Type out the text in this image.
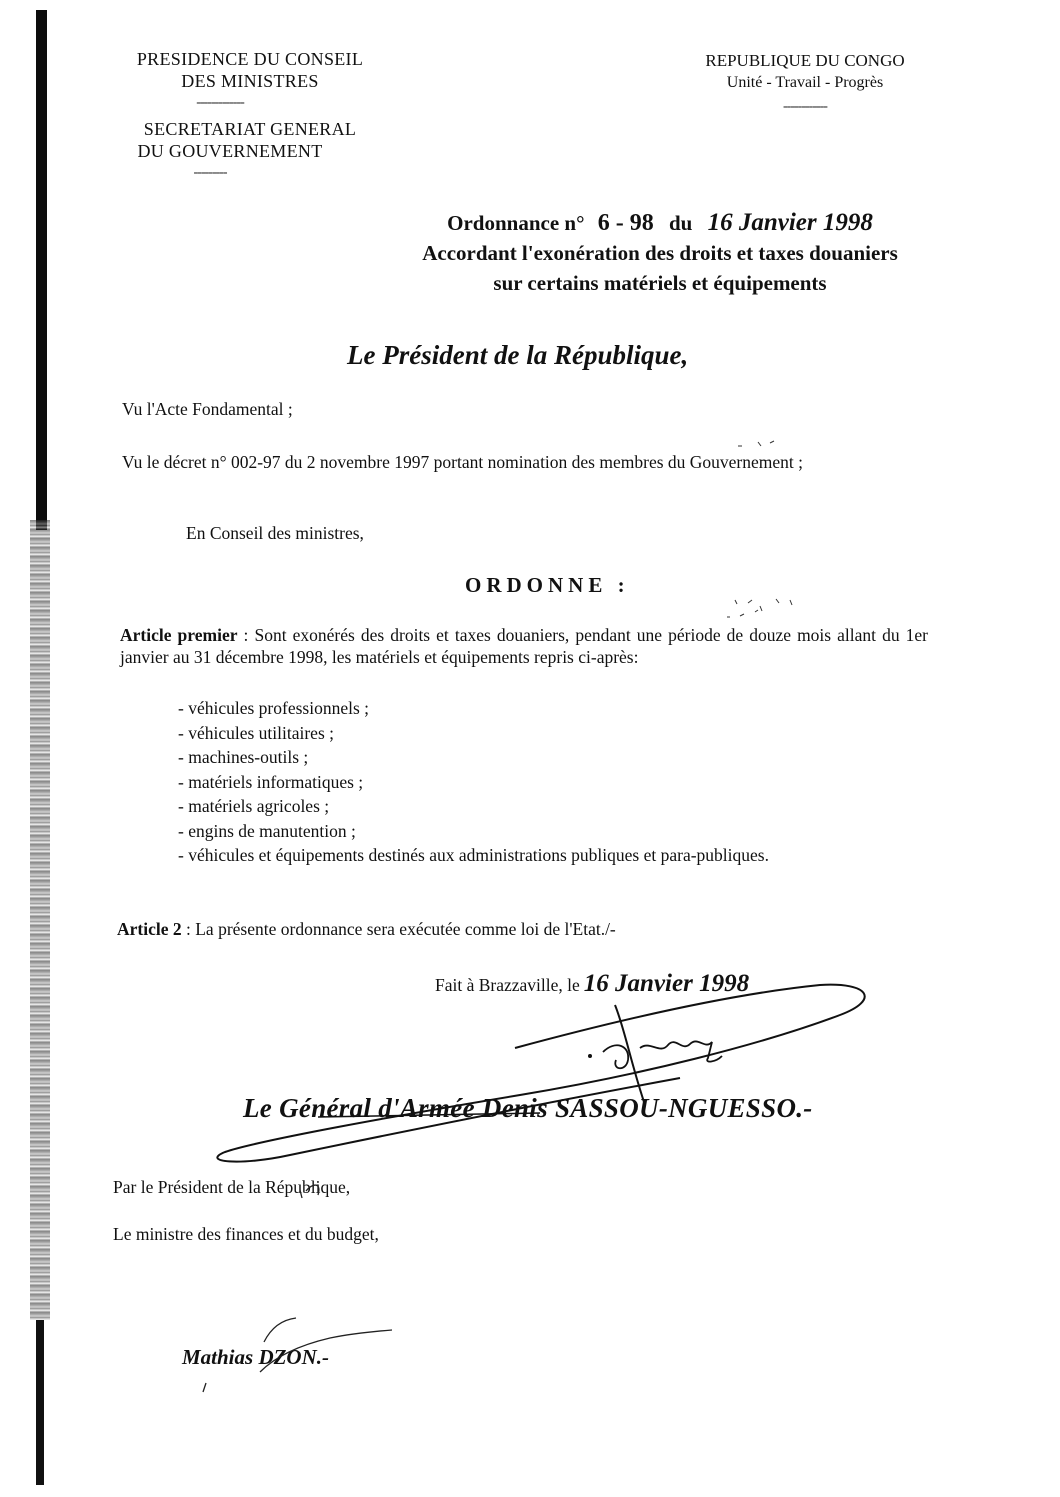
PRESIDENCE DU CONSEIL
DES MINISTRES
-------------
SECRETARIAT GENERAL
DU GOUVERNEMENT
---------
REPUBLIQUE DU CONGO
Unité - Travail - Progrès
------------
Ordonnance n° 6 - 98 du 16 Janvier 1998
Accordant l'exonération des droits et taxes douaniers
sur certains matériels et équipements
Le Président de la République,
Vu l'Acte Fondamental ;
Vu le décret n° 002-97 du 2 novembre 1997 portant nomination des membres du Gouvernement ;
En Conseil des ministres,
ORDONNE :
Article premier : Sont exonérés des droits et taxes douaniers, pendant une période de douze mois allant du 1er janvier au 31 décembre 1998, les matériels et équipements repris ci-après:
- véhicules professionnels ;
- véhicules utilitaires ;
- machines-outils ;
- matériels informatiques ;
- matériels agricoles ;
- engins de manutention ;
- véhicules et équipements destinés aux administrations publiques et para-publiques.
Article 2 : La présente ordonnance sera exécutée comme loi de l'Etat./-
Fait à Brazzaville, le 16 Janvier 1998
Le Général d'Armée Denis SASSOU-NGUESSO.-
Par le Président de la République,
Le ministre des finances et du budget,
Mathias DZON.-
